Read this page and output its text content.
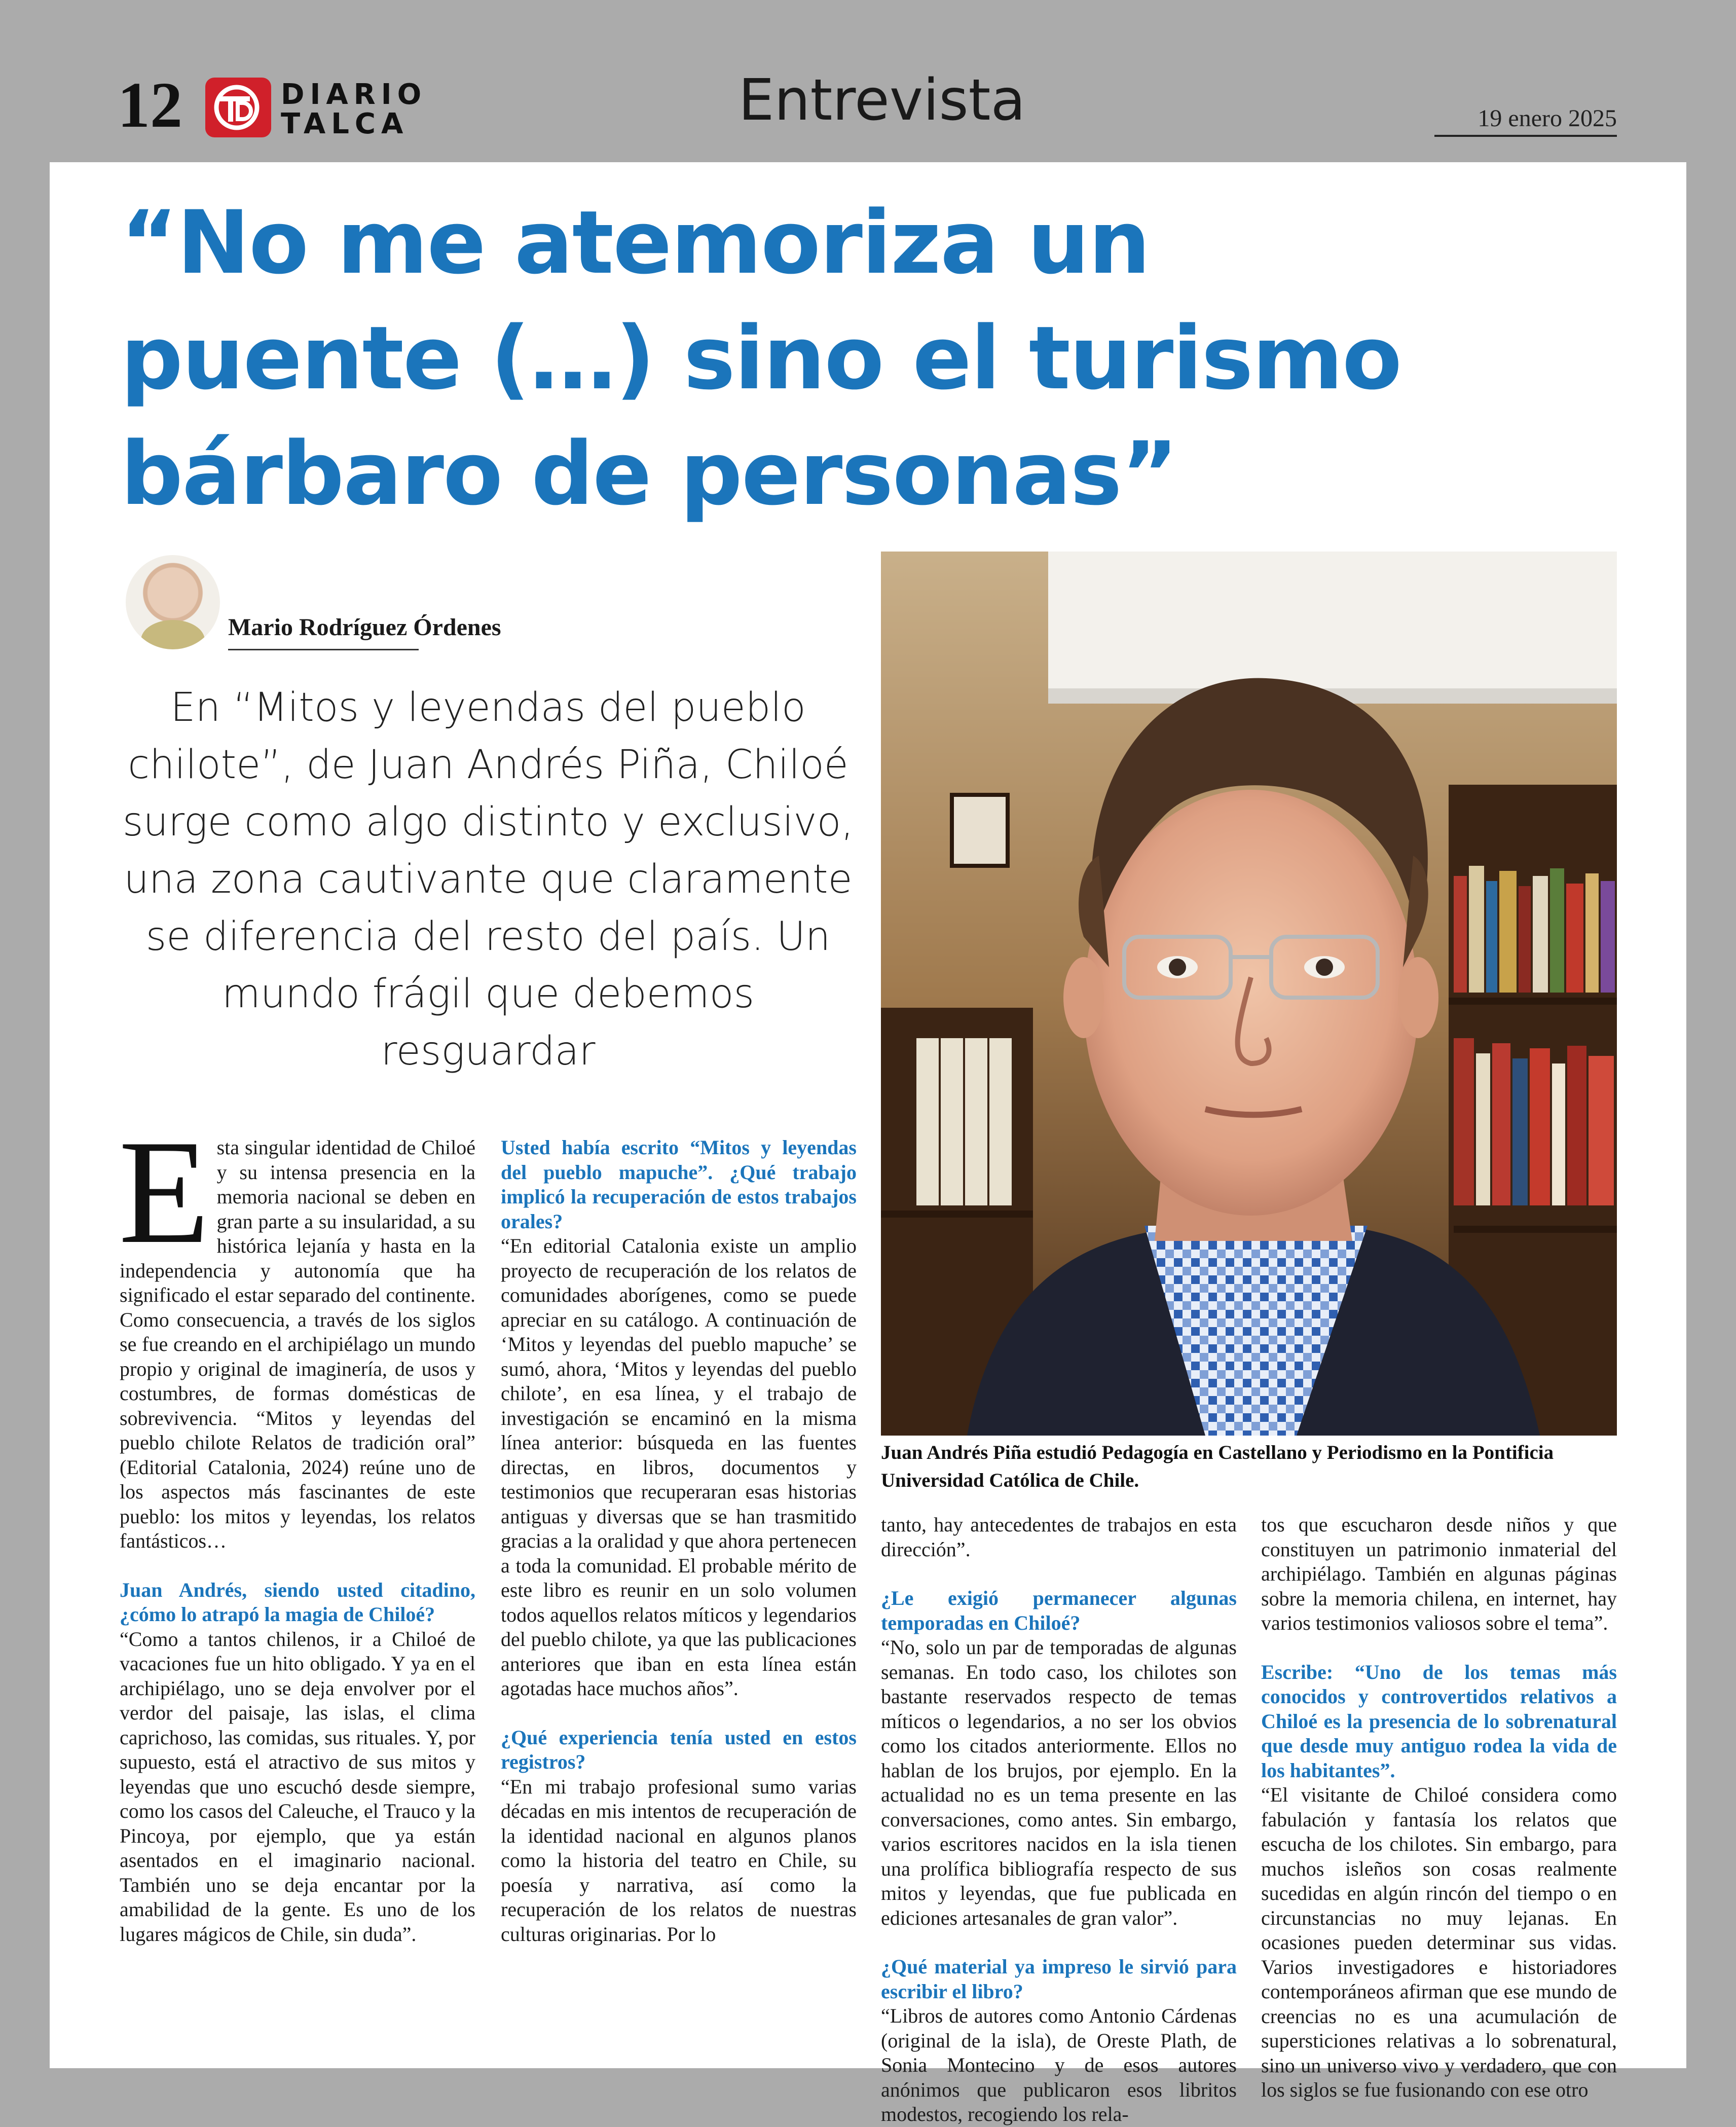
12	DIARIO
TALCA	Entrevista	19 enero 2025
“No me atemoriza un
puente (…) sino el turismo
bárbaro de personas”
Mario Rodríguez Órdenes
En “Mitos y leyendas del pueblo chilote”, de Juan Andrés Piña, Chiloé surge como algo distinto y exclusivo, una zona cautivante que claramente se diferencia del resto del país. Un mundo frágil que debemos resguardar
Juan Andrés Piña estudió Pedagogía en Castellano y Periodismo en la Pontificia Universidad Católica de Chile.
E sta singular identidad de Chiloé y su intensa presencia en la memoria nacional se deben en gran parte a su insularidad, a su histórica lejanía y hasta en la independencia y autonomía que ha significado el estar separado del continente. Como consecuencia, a través de los siglos se fue creando en el archipiélago un mundo propio y original de imaginería, de usos y costumbres, de formas domésticas de sobrevivencia. “Mitos y leyendas del pueblo chilote Relatos de tradición oral” (Editorial Catalonia, 2024) reúne uno de los aspectos más fascinantes de este pueblo: los mitos y leyendas, los relatos fantásticos…

Juan Andrés, siendo usted citadino, ¿cómo lo atrapó la magia de Chiloé?

“Como a tantos chilenos, ir a Chiloé de vacaciones fue un hito obligado. Y ya en el archipiélago, uno se deja envolver por el verdor del paisaje, las islas, el clima caprichoso, las comidas, sus rituales. Y, por supuesto, está el atractivo de sus mitos y leyendas que uno escuchó desde siempre, como los casos del Caleuche, el Trauco y la Pincoya, por ejemplo, que ya están asentados en el imaginario nacional. También uno se deja encantar por la amabilidad de la gente. Es uno de los lugares mágicos de Chile, sin duda”.

Usted había escrito “Mitos y leyendas del pueblo mapuche”. ¿Qué trabajo implicó la recuperación de estos trabajos orales?

“En editorial Catalonia existe un amplio proyecto de recuperación de los relatos de comunidades aborígenes, como se puede apreciar en su catálogo. A continuación de ‘Mitos y leyendas del pueblo mapuche’ se sumó, ahora, ‘Mitos y leyendas del pueblo chilote’, en esa línea, y el trabajo de investigación se encaminó en la misma línea anterior: búsqueda en las fuentes directas, en libros, documentos y testimonios que recuperaran esas historias antiguas y diversas que se han trasmitido gracias a la oralidad y que ahora pertenecen a toda la comunidad. El probable mérito de este libro es reunir en un solo volumen todos aquellos relatos míticos y legendarios del pueblo chilote, ya que las publicaciones anteriores que iban en esta línea están agotadas hace muchos años”.

¿Qué experiencia tenía usted en estos registros?

“En mi trabajo profesional sumo varias décadas en mis intentos de recuperación de la identidad nacional en algunos planos como la historia del teatro en Chile, su poesía y narrativa, así como la recuperación de los relatos de nuestras culturas originarias. Por lo

tanto, hay antecedentes de trabajos en esta dirección”.

¿Le exigió permanecer algunas temporadas en Chiloé?

“No, solo un par de temporadas de algunas semanas. En todo caso, los chilotes son bastante reservados respecto de temas míticos o legendarios, a no ser los obvios como los citados anteriormente. Ellos no hablan de los brujos, por ejemplo. En la actualidad no es un tema presente en las conversaciones, como antes. Sin embargo, varios escritores nacidos en la isla tienen una prolífica bibliografía respecto de sus mitos y leyendas, que fue publicada en ediciones artesanales de gran valor”.

¿Qué material ya impreso le sirvió para escribir el libro?

“Libros de autores como Antonio Cárdenas (original de la isla), de Oreste Plath, de Sonia Montecino y de esos autores anónimos que publicaron esos libritos modestos, recogiendo los rela-

tos que escucharon desde niños y que constituyen un patrimonio inmaterial del archipiélago. También en algunas páginas sobre la memoria chilena, en internet, hay varios testimonios valiosos sobre el tema”.

Escribe: “Uno de los temas más conocidos y controvertidos relativos a Chiloé es la presencia de lo sobrenatural que desde muy antiguo rodea la vida de los habitantes”.

“El visitante de Chiloé considera como fabulación y fantasía los relatos que escucha de los chilotes. Sin embargo, para muchos isleños son cosas realmente sucedidas en algún rincón del tiempo o en circunstancias no muy lejanas. En ocasiones pueden determinar sus vidas. Varios investigadores e historiadores contemporáneos afirman que ese mundo de creencias no es una acumulación de supersticiones relativas a lo sobrenatural, sino un universo vivo y verdadero, que con los siglos se fue fusionando con ese otro
